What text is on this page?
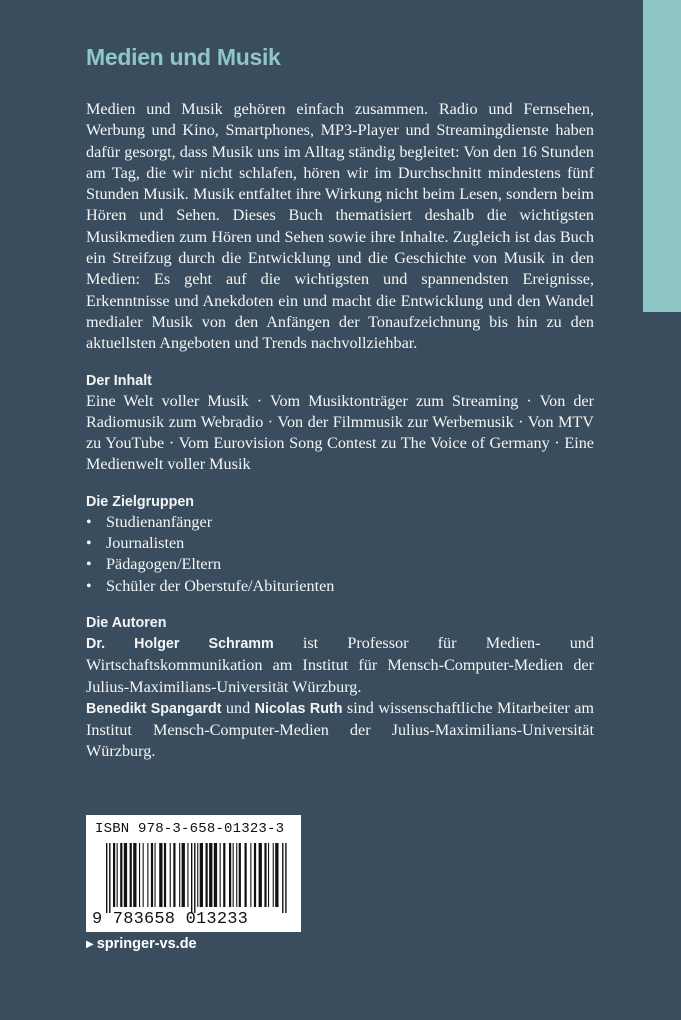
Medien und Musik

Medien und Musik gehören einfach zusammen. Radio und Fernsehen, Werbung und Kino, Smartphones, MP3-Player und Streamingdienste haben dafür gesorgt, dass Musik uns im Alltag ständig begleitet: Von den 16 Stunden am Tag, die wir nicht schlafen, hören wir im Durchschnitt mindestens fünf Stunden Musik. Musik entfaltet ihre Wirkung nicht beim Lesen, sondern beim Hören und Sehen. Dieses Buch thematisiert deshalb die wichtigsten Musikmedien zum Hören und Sehen sowie ihre Inhalte. Zugleich ist das Buch ein Streifzug durch die Entwicklung und die Geschichte von Musik in den Medien: Es geht auf die wichtigsten und spannendsten Ereignisse, Erkenntnisse und Anekdoten ein und macht die Entwicklung und den Wandel medialer Musik von den Anfängen der Tonaufzeichnung bis hin zu den aktuellsten Angeboten und Trends nachvollziehbar.

Der Inhalt

Eine Welt voller Musik · Vom Musiktonträger zum Streaming · Von der Radiomusik zum Webradio · Von der Filmmusik zur Werbemusik · Von MTV zu YouTube · Vom Eurovision Song Contest zu The Voice of Germany · Eine Medienwelt voller Musik

Die Zielgruppen
• Studienanfänger
• Journalisten
• Pädagogen/Eltern
• Schüler der Oberstufe/Abiturienten
Die Autoren

Dr. Holger Schramm ist Professor für Medien- und Wirtschaftskommunikation am Institut für Mensch-Computer-Medien der Julius-Maximilians-Universität Würzburg.

Benedikt Spangardt und Nicolas Ruth sind wissenschaftliche Mitarbeiter am Institut Mensch-Computer-Medien der Julius-Maximilians-Universität Würzburg.

ISBN 978-3-658-01323-3
9 783658 013233
▶ springer-vs.de
